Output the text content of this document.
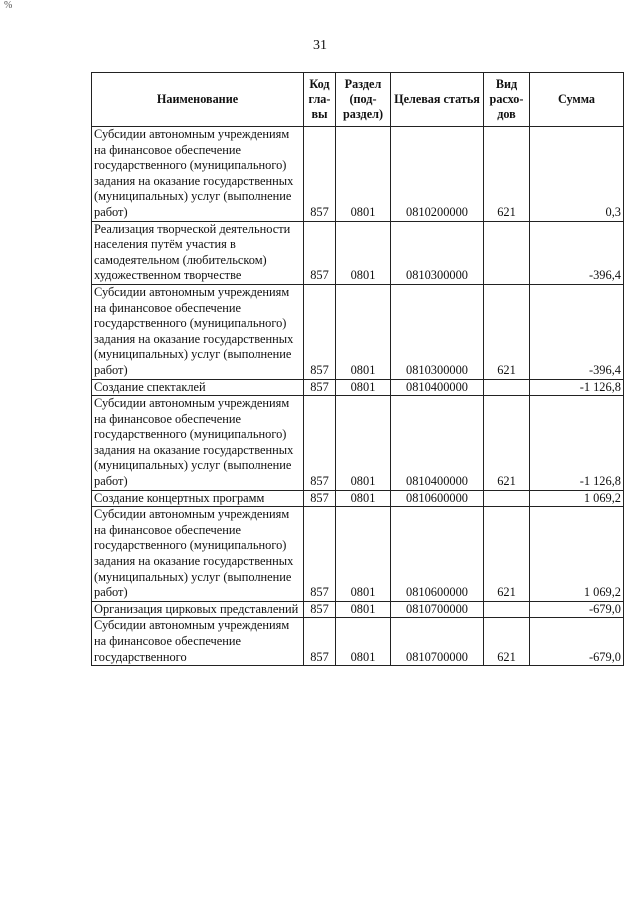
%
31
Наименование	Код гла- вы	Раздел (под- раздел)	Целевая статья	Вид расхо- дов	Сумма
Субсидии автономным учреждениям на финансовое обеспечение государственного (муниципального) задания на оказание государственных (муниципальных) услуг (выполнение работ)	857	0801	0810200000	621	0,3
Реализация творческой деятельности населения путём участия в самодеятельном (любительском) художественном творчестве	857	0801	0810300000		-396,4
Субсидии автономным учреждениям на финансовое обеспечение государственного (муниципального) задания на оказание государственных (муниципальных) услуг (выполнение работ)	857	0801	0810300000	621	-396,4
Создание спектаклей	857	0801	0810400000		-1 126,8
Субсидии автономным учреждениям на финансовое обеспечение государственного (муниципального) задания на оказание государственных (муниципальных) услуг (выполнение работ)	857	0801	0810400000	621	-1 126,8
Создание концертных программ	857	0801	0810600000		1 069,2
Субсидии автономным учреждениям на финансовое обеспечение государственного (муниципального) задания на оказание государственных (муниципальных) услуг (выполнение работ)	857	0801	0810600000	621	1 069,2
Организация цирковых представлений	857	0801	0810700000		-679,0
Субсидии автономным учреждениям на финансовое обеспечение государственного	857	0801	0810700000	621	-679,0
